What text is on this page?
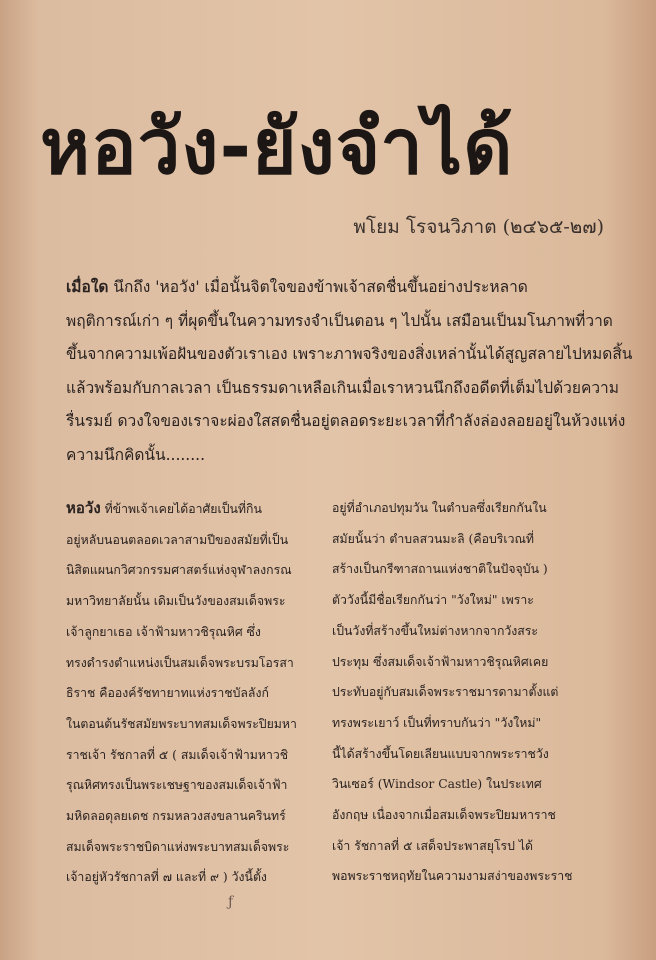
หอวัง-ยังจำได้
พโยม โรจนวิภาต (๒๔๖๕-๒๗)
เมื่อใด นึกถึง 'หอวัง' เมื่อนั้นจิตใจของข้าพเจ้าสดชื่นขึ้นอย่างประหลาด
พฤติการณ์เก่า ๆ ที่ผุดขึ้นในความทรงจำเป็นตอน ๆ ไปนั้น เสมือนเป็นมโนภาพที่วาด
ขึ้นจากความเพ้อฝันของตัวเราเอง เพราะภาพจริงของสิ่งเหล่านั้นได้สูญสลายไปหมดสิ้น
แล้วพร้อมกับกาลเวลา เป็นธรรมดาเหลือเกินเมื่อเราหวนนึกถึงอดีตที่เต็มไปด้วยความ
รื่นรมย์ ดวงใจของเราจะผ่องใสสดชื่นอยู่ตลอดระยะเวลาที่กำลังล่องลอยอยู่ในห้วงแห่ง
ความนึกคิดนั้น........
หอวัง ที่ข้าพเจ้าเคยได้อาศัยเป็นที่กิน
อยู่หลับนอนตลอดเวลาสามปีของสมัยที่เป็น
นิสิตแผนกวิศวกรรมศาสตร์แห่งจุฬาลงกรณ
มหาวิทยาลัยนั้น เดิมเป็นวังของสมเด็จพระ
เจ้าลูกยาเธอ เจ้าฟ้ามหาวชิรุณหิศ ซึ่ง
ทรงดำรงตำแหน่งเป็นสมเด็จพระบรมโอรสา
ธิราช คือองค์รัชทายาทแห่งราชบัลลังก์
ในตอนต้นรัชสมัยพระบาทสมเด็จพระปิยมหา
ราชเจ้า รัชกาลที่ ๕ ( สมเด็จเจ้าฟ้ามหาวชิ
รุณหิศทรงเป็นพระเชษฐาของสมเด็จเจ้าฟ้า
มหิดลอดุลยเดช กรมหลวงสงขลานครินทร์
สมเด็จพระราชบิดาแห่งพระบาทสมเด็จพระ
เจ้าอยู่หัวรัชกาลที่ ๗ และที่ ๙ ) วังนี้ตั้ง
อยู่ที่อำเภอปทุมวัน ในตำบลซึ่งเรียกกันใน
สมัยนั้นว่า ตำบลสวนมะลิ (คือบริเวณที่
สร้างเป็นกรีฑาสถานแห่งชาติในปัจจุบัน )
ตัววังนี้มีชื่อเรียกกันว่า "วังใหม่" เพราะ
เป็นวังที่สร้างขึ้นใหม่ต่างหากจากวังสระ
ประทุม ซึ่งสมเด็จเจ้าฟ้ามหาวชิรุณหิศเคย
ประทับอยู่กับสมเด็จพระราชมารดามาตั้งแต่
ทรงพระเยาว์ เป็นที่ทราบกันว่า "วังใหม่"
นี้ได้สร้างขึ้นโดยเลียนแบบจากพระราชวัง
วินเซอร์ (Windsor Castle) ในประเทศ
อังกฤษ เนื่องจากเมื่อสมเด็จพระปิยมหาราช
เจ้า รัชกาลที่ ๕ เสด็จประพาสยุโรป ได้
พอพระราชหฤทัยในความงามสง่าของพระราช
ƒ
